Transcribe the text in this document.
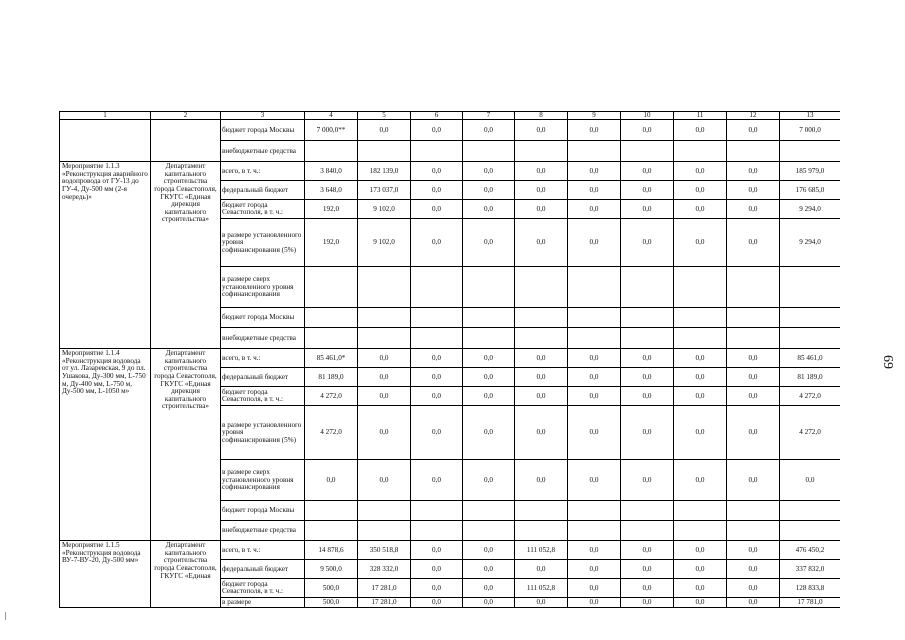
1	2	3	4	5	6	7	8	9	10	11	12	13
		бюджет города Москвы	7 000,0**	0,0	0,0	0,0	0,0	0,0	0,0	0,0	0,0	7 000,0
		внебюджетные средства										
Мероприятие 1.1.3 «Реконструкция аварийного водопровода от ГУ-13 до ГУ-4, Ду-500 мм (2-я очередь)»	Департамент капитального строительства города Севастополя, ГКУГС «Единая дирекция капитального строительства»	всего, в т. ч.:	3 840,0	182 139,0	0,0	0,0	0,0	0,0	0,0	0,0	0,0	185 979,0
		федеральный бюджет	3 648,0	173 037,0	0,0	0,0	0,0	0,0	0,0	0,0	0,0	176 685,0
		бюджет города Севастополя, в т. ч.:	192,0	9 102,0	0,0	0,0	0,0	0,0	0,0	0,0	0,0	9 294,0
		в размере установленного уровня софинансирования (5%)	192,0	9 102,0	0,0	0,0	0,0	0,0	0,0	0,0	0,0	9 294,0
		в размере сверх установленного уровня софинансирования										
		бюджет города Москвы										
		внебюджетные средства										
Мероприятие 1.1.4 «Реконструкция водовода от ул. Лазаревская, 9 до пл. Ушакова, Ду-300 мм, L-750 м, Ду-400 мм, L-750 м, Ду-500 мм, L-1050 м»	Департамент капитального строительства города Севастополя, ГКУГС «Единая дирекция капитального строительства»	всего, в т. ч.:	85 461,0*	0,0	0,0	0,0	0,0	0,0	0,0	0,0	0,0	85 461,0
		федеральный бюджет	81 189,0	0,0	0,0	0,0	0,0	0,0	0,0	0,0	0,0	81 189,0
		бюджет города Севастополя, в т. ч.:	4 272,0	0,0	0,0	0,0	0,0	0,0	0,0	0,0	0,0	4 272,0
		в размере установленного уровня софинансирования (5%)	4 272,0	0,0	0,0	0,0	0,0	0,0	0,0	0,0	0,0	4 272,0
		в размере сверх установленного уровня софинансирования	0,0	0,0	0,0	0,0	0,0	0,0	0,0	0,0	0,0	0,0
		бюджет города Москвы										
		внебюджетные средства										
Мероприятие 1.1.5 «Реконструкция водовода ВУ-7-ВУ-20, Ду-500 мм»	Департамент капитального строительства города Севастополя, ГКУГС «Единая	всего, в т. ч.:	14 878,6	350 518,8	0,0	0,0	111 052,8	0,0	0,0	0,0	0,0	476 450,2
		федеральный бюджет	9 500,0	328 332,0	0,0	0,0	0,0	0,0	0,0	0,0	0,0	337 832,0
		бюджет города Севастополя, в т. ч.:	500,0	17 281,0	0,0	0,0	111 052,8	0,0	0,0	0,0	0,0	128 833,8
		в размере	500,0	17 281,0	0,0	0,0	0,0	0,0	0,0	0,0	0,0	17 781,0
69
